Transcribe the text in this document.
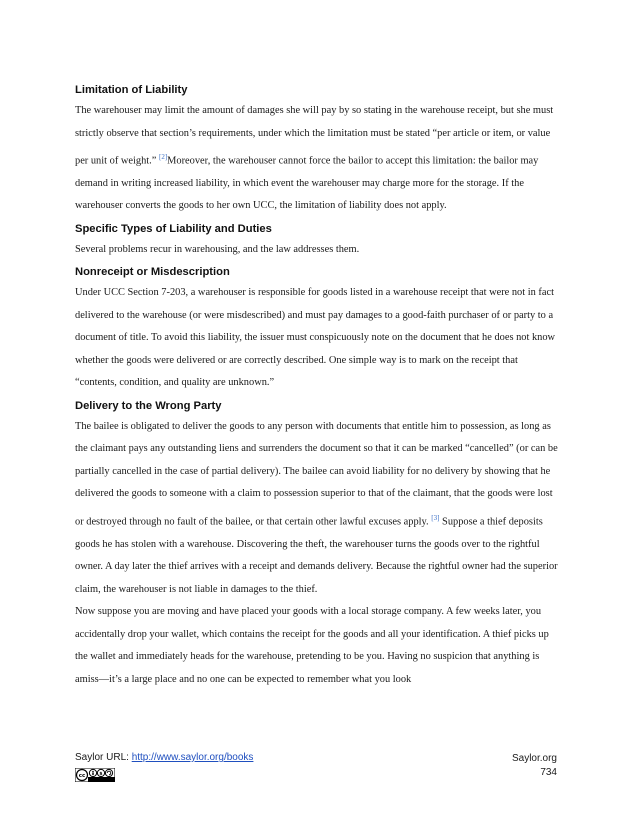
Limitation of Liability

The warehouser may limit the amount of damages she will pay by so stating in the warehouse receipt, but she must strictly observe that section’s requirements, under which the limitation must be stated “per article or item, or value per unit of weight.” [2]Moreover, the warehouser cannot force the bailor to accept this limitation: the bailor may demand in writing increased liability, in which event the warehouser may charge more for the storage. If the warehouser converts the goods to her own UCC, the limitation of liability does not apply.

Specific Types of Liability and Duties

Several problems recur in warehousing, and the law addresses them.

Nonreceipt or Misdescription

Under UCC Section 7-203, a warehouser is responsible for goods listed in a warehouse receipt that were not in fact delivered to the warehouse (or were misdescribed) and must pay damages to a good-faith purchaser of or party to a document of title. To avoid this liability, the issuer must conspicuously note on the document that he does not know whether the goods were delivered or are correctly described. One simple way is to mark on the receipt that “contents, condition, and quality are unknown.”

Delivery to the Wrong Party

The bailee is obligated to deliver the goods to any person with documents that entitle him to possession, as long as the claimant pays any outstanding liens and surrenders the document so that it can be marked “cancelled” (or can be partially cancelled in the case of partial delivery). The bailee can avoid liability for no delivery by showing that he delivered the goods to someone with a claim to possession superior to that of the claimant, that the goods were lost or destroyed through no fault of the bailee, or that certain other lawful excuses apply. [3] Suppose a thief deposits goods he has stolen with a warehouse. Discovering the theft, the warehouser turns the goods over to the rightful owner. A day later the thief arrives with a receipt and demands delivery. Because the rightful owner had the superior claim, the warehouser is not liable in damages to the thief.

Now suppose you are moving and have placed your goods with a local storage company. A few weeks later, you accidentally drop your wallet, which contains the receipt for the goods and all your identification. A thief picks up the wallet and immediately heads for the warehouse, pretending to be you. Having no suspicion that anything is amiss—it’s a large place and no one can be expected to remember what you look

Saylor URL: http://www.saylor.org/books
cc	$
Saylor.org
734
